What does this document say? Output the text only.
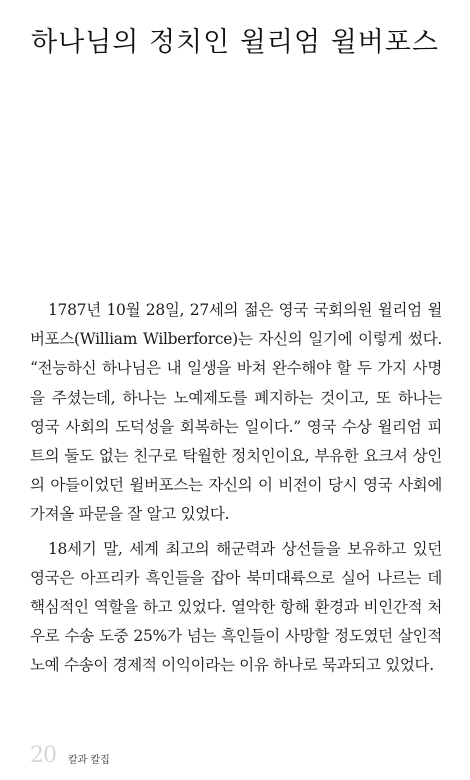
하나님의 정치인 윌리엄 윌버포스

1787년 10월 28일, 27세의 젊은 영국 국회의원 윌리엄 윌버포스(William Wilberforce)는 자신의 일기에 이렇게 썼다. “전능하신 하나님은 내 일생을 바쳐 완수해야 할 두 가지 사명을 주셨는데, 하나는 노예제도를 폐지하는 것이고, 또 하나는 영국 사회의 도덕성을 회복하는 일이다.” 영국 수상 윌리엄 피트의 둘도 없는 친구로 탁월한 정치인이요, 부유한 요크셔 상인의 아들이었던 윌버포스는 자신의 이 비전이 당시 영국 사회에 가져올 파문을 잘 알고 있었다.

18세기 말, 세계 최고의 해군력과 상선들을 보유하고 있던 영국은 아프리카 흑인들을 잡아 북미대륙으로 실어 나르는 데 핵심적인 역할을 하고 있었다. 열악한 항해 환경과 비인간적 처우로 수송 도중 25%가 넘는 흑인들이 사망할 정도였던 살인적 노예 수송이 경제적 이익이라는 이유 하나로 묵과되고 있었다.

20 칼과 칼집
